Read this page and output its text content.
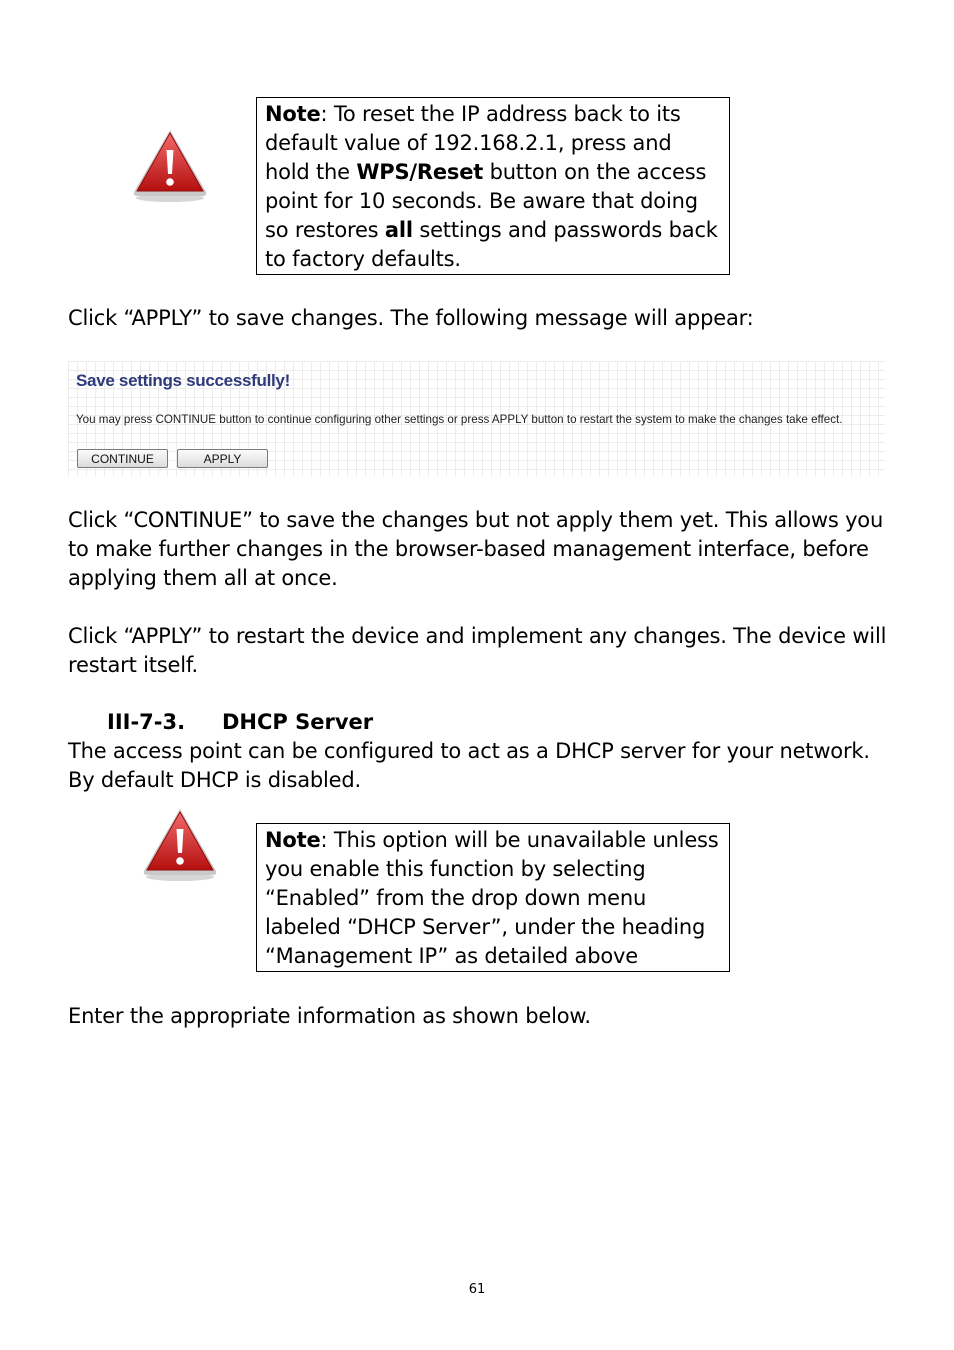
Note: To reset the IP address back to its default value of 192.168.2.1, press and hold the WPS/Reset button on the access point for 10 seconds. Be aware that doing so restores all settings and passwords back to factory defaults.
Click “APPLY” to save changes. The following message will appear:
Save settings successfully!
You may press CONTINUE button to continue configuring other settings or press APPLY button to restart the system to make the changes take effect.
CONTINUE	APPLY
Click “CONTINUE” to save the changes but not apply them yet. This allows you to make further changes in the browser-based management interface, before applying them all at once.
Click “APPLY” to restart the device and implement any changes. The device will restart itself.
III-7-3. DHCP Server
The access point can be configured to act as a DHCP server for your network. By default DHCP is disabled.
Note: This option will be unavailable unless you enable this function by selecting “Enabled” from the drop down menu labeled “DHCP Server”, under the heading “Management IP” as detailed above
Enter the appropriate information as shown below.
61
